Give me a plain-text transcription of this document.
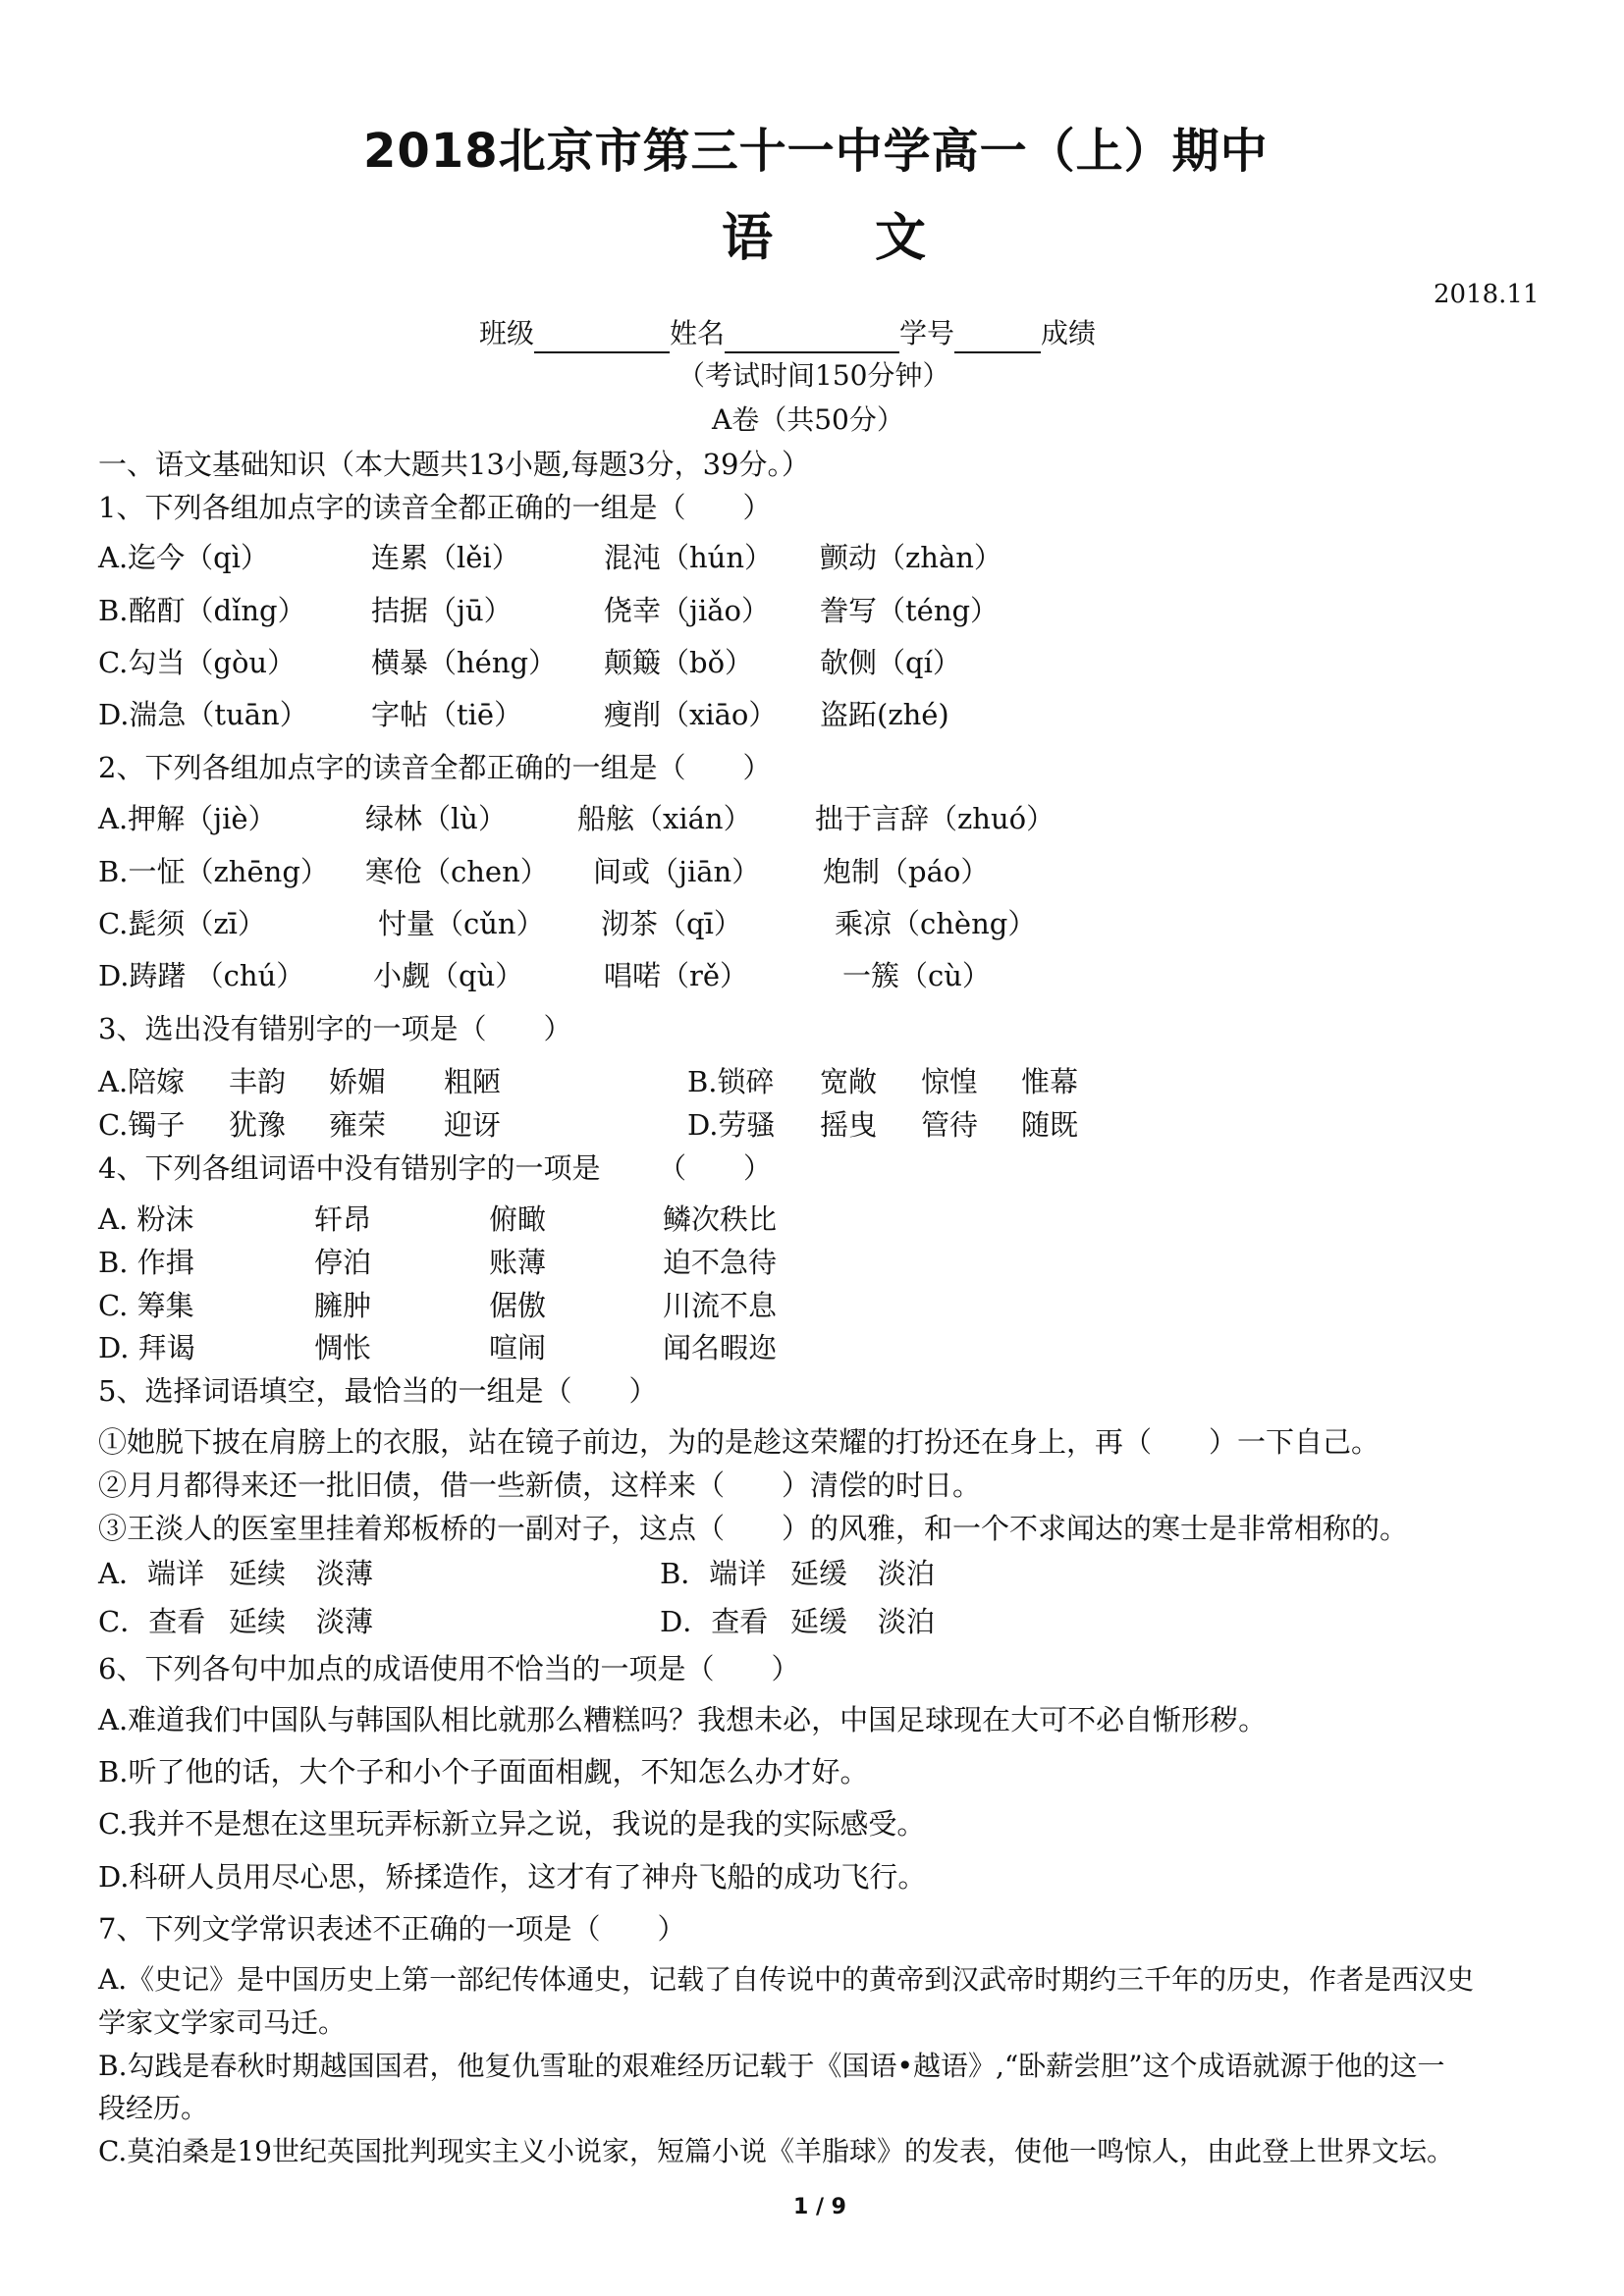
2018北京市第三十一中学高一（上）期中
语　　文
2018.11
班级	姓名	学号	成绩
（考试时间150分钟）
A卷（共50分）
一、语文基础知识（本大题共13小题,每题3分，39分。）
1、下列各组加点字的读音全都正确的一组是（　　）
A.迄今（qì）	连累（lěi）	混沌（hún） 颤动（zhàn）
B.酩酊（dǐng） 拮据（jū）	侥幸（jiǎo） 誊写（téng）
C.勾当（gòu）	横暴（héng） 颠簸（bǒ） 欹侧（qí）
D.湍急（tuān） 字帖（tiē）	瘦削（xiāo） 盗跖(zhé)
2、下列各组加点字的读音全都正确的一组是（　　）
A.押解（jiè）	绿林（lù） 船舷（xián） 拙于言辞（zhuó）
B.一怔（zhēng） 寒伧（chen） 间或（jiān） 炮制（páo）
C.髭须（zī）	忖量（cǔn） 沏茶（qī）	乘凉（chèng）
D.踌躇 （chú） 小觑（qù）	唱喏（rě）	一簇（cù）
3、选出没有错别字的一项是（　　）
A.陪嫁 丰韵 娇媚 粗陋	B.锁碎 宽敞 惊惶 惟幕
C.镯子 犹豫 雍荣 迎讶	D.劳骚 摇曳 管待 随既
4、下列各组词语中没有错别字的一项是 （　　）
A. 粉沫	轩昂	俯瞰	鳞次秩比
B. 作揖	停泊	账薄	迫不急待
C. 筹集	臃肿	倨傲	川流不息
D. 拜谒	惆怅	喧闹	闻名暇迩
5、选择词语填空，最恰当的一组是（　　）
①她脱下披在肩膀上的衣服，站在镜子前边，为的是趁这荣耀的打扮还在身上，再（　　）一下自己。
②月月都得来还一批旧债，借一些新债，这样来（　　）清偿的时日。
③王淡人的医室里挂着郑板桥的一副对子，这点（　　）的风雅，和一个不求闻达的寒士是非常相称的。
A．端详 延续 淡薄	B．端详 延缓 淡泊
C．查看 延续 淡薄	D．查看 延缓 淡泊
6、下列各句中加点的成语使用不恰当的一项是（　　）
A.难道我们中国队与韩国队相比就那么糟糕吗？我想未必，中国足球现在大可不必自惭形秽。
B.听了他的话，大个子和小个子面面相觑，不知怎么办才好。
C.我并不是想在这里玩弄标新立异之说，我说的是我的实际感受。
D.科研人员用尽心思，矫揉造作，这才有了神舟飞船的成功飞行。
7、下列文学常识表述不正确的一项是（　　）
A.《史记》是中国历史上第一部纪传体通史，记载了自传说中的黄帝到汉武帝时期约三千年的历史，作者是西汉史
学家文学家司马迁。
B.勾践是春秋时期越国国君，他复仇雪耻的艰难经历记载于《国语•越语》,“卧薪尝胆”这个成语就源于他的这一
段经历。
C.莫泊桑是19世纪英国批判现实主义小说家，短篇小说《羊脂球》的发表，使他一鸣惊人，由此登上世界文坛。
1 / 9
